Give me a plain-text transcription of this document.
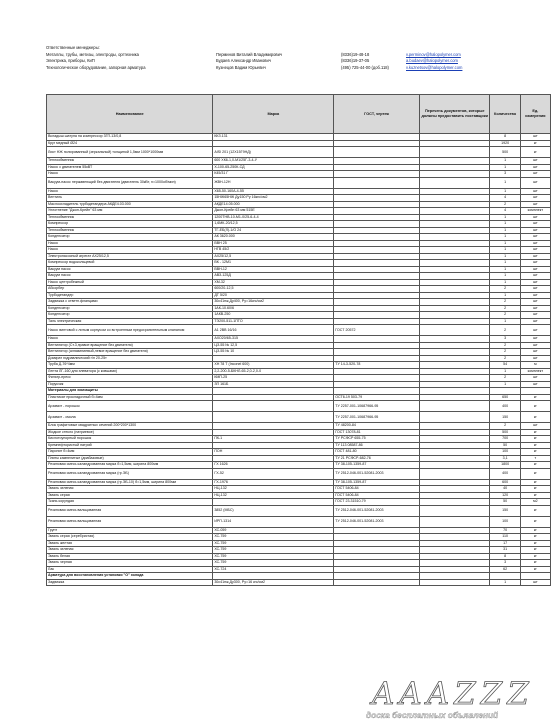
Ответственные менеджеры:
Металлы, трубы, метизы, электроды, оргтехника	Перминов Виталий Владимирович	(8336)19-48-18	v.perminov@halopolymer.com
Электрика, приборы, КиП	Будаев Александр Иванович	(8336)19-37-05	a.budaev@halopolymer.com
Технологическое оборудование, запорная арматура	Кузнецов Вадим Юрьевич	(495) 725-44-00 (доб.118)	v.kuznetsov@halopolymer.com
Наименование	Марка	ГОСТ, чертеж	Перечень документов, которые должны предоставить поставщики	Количество	Ед. измерения
Вкладыш шатуна на компрессор 3ГП-13/0,8	ККЗ.131			8	шт
Круг медный Ø24				1920	кг
Лист НЖ полированный (зеркальный) толщиной 1,5мм 1000*1000мм	AISI 201 (12Х15Г9НД)			500	кг
Теплообменник	600 ХК6-1,0-М1/25Г-3-4-У			1	шт
Насос с двигателем 55кВТ	Х-100-65-250К-СД			1	шт
Насос	К45/31 Г			3	шт
Вакуум-насос нержавеющий без двигателя (двигатель 30кВт, n=1000об/мин)	ЖВН-12Н			1	шт
Насос	Х65-50-160А-4-55			1	шт
Вентиль	15НЖ65НЖ Ду150 Ру 16кгс/см2			4	шт
Маслоохладитель турбодетандера АКДЕ4.03.000	АКДЕ14.05.000			2	шт
Уплотнение "Джон-Крейн" 63 мм	Джон-Крейн 63 мм 515Е			4	комплект
Теплообменник	1200ТНВ-10-М1-0/25-6-4-4			1	шт
Компрессор	1,6МК-20/12,5			1	шт
Теплообменник	ТГ-ЕБ(Л)-1/О 24			1	шт
Конденсатор	АК 3620.000			1	шт
Насос	ВВН 25			1	шт
Насос	НГВ 45/2			1	шт
Электронасосный агрегат АХ25/12,5	АХ25/12,5			1	шт
Компрессор водокольцевой	ВК - 12М1			1	шт
Вакуум насос	ВВН-12			1	шт
Вакуум насос	АВЗ-125Д			1	шт
Насос центробежный	ХМ-32			1	шт
Абсорбер	600/20-12,5			2	шт
Турбодетандер	ДТ 5/20			1	шт
Задвижка с ответн.фланцами	30с41нж,Ду400, Ру=16кгс/см2			2	шт
Конденсатор	1АК-10.60/6			2	шт
Конденсатор	1АКВ-250			2	шт
Таль электрическая	ТЭ200-511-1ПТО			1	шт
Насос винтовой с литым корпусом со встроенным предохранительным клапаном	А1 2ВВ 16/16	ГОСТ 20572		2	шт
Насос	АХО20/65-315			3	шт
Вентилятор (Ст.3,правое вращение без двигателя)	ЦЗ-55 № 12,5			2	шт
Вентилятор (алюминиевый,левое вращение без двигателя)	ЦЗ-55 № 10			2	шт
Домкрат гидравлический г/п 20-25т				2	шт
Труба Д-76*4мм	ХН 78 Т (Inconel 600)	ТУ 14-3-520-78		54	м
Лента ЛГ-160 для элеватора (с ковшами)	2,2-200-5-БКНЛ-65-2,0-2,0-0			1	комплект
Фильтр-пресс	КМП-25			2	шт
Порукчик	ЗП 161Б			1	шт
Материалы для химзащиты					
Пластикат прокладочный б=4мм		ОСТ6-19 503-79		650	кг
Арзамит - порошок		ТУ 2257-001-10687966-95		400	кг
Арзамит - смола		ТУ 2257-001-10687966-95		150	кг
Блок графитовые квадратных сечений 200*200*1300		ТУ 48200-84		2	шт
Жидкое стекло (натриевое)		ГОСТ 13078-81		500	кг
Кислотоупорный порошок	ПК-1	ТУ РСФСР 655-75		700	кг
Кремнефтористый натрий		ТУ 113 08587-86		50	кг
Паронит б=4мм	ПОН	ГОСТ 481-80		100	кг
Плиты камнелитые (диабазовые)		ТУ 21 РСФСР-682-76		3,1	т
Резиновая смесь каландрованная марка б=1,5мм, ширина 800мм	ГХ 1626	ТУ 38-105-1359-87		1800	кг
Резиновая смесь каландрованная марка (гр.ЭБ)	ГХ-52	ТУ 2512-046-001-52081-2003		400	кг
Резиновая смесь каландрованная марка (гр.ЭБ-10) б=1,5мм, ширина 800мм	ГХ-1976	ТУ 38-105-1359-87		600	кг
Эмаль зеленая	НЦ-132	ГОСТ 5406-84		40	кг
Эмаль серая	НЦ-132	ГОСТ 5406-84		120	кг
Ткань корундая		ГОСТ 23.31510-79		50	м2
Резиновая смесь вальцованная	3852 (МБС)	ТУ 2512-046-001-52081-2003		150	кг
Резиновая смесь вальцованная	ИРП-1314	ТУ 2512-046-001-52081-2003		100	кг
Грунт	ХС-059			70	кг
Эмаль серая (серебристая)	ХС-759			110	кг
Эмаль желтая	ХС-759			17	кг
Эмаль зеленая	ХС-759			31	кг
Эмаль белая	ХС-759			8	кг
Эмаль черная	ХС-759			3	кг
Лак	ХС-724			62	кг
Арматура для восстановления установки "О" холода					
Задвижка	30с41нж,Ду300, Ру=16 кгс/см2			1	шт
AAAZZZ
доска бесплатных объявлений
